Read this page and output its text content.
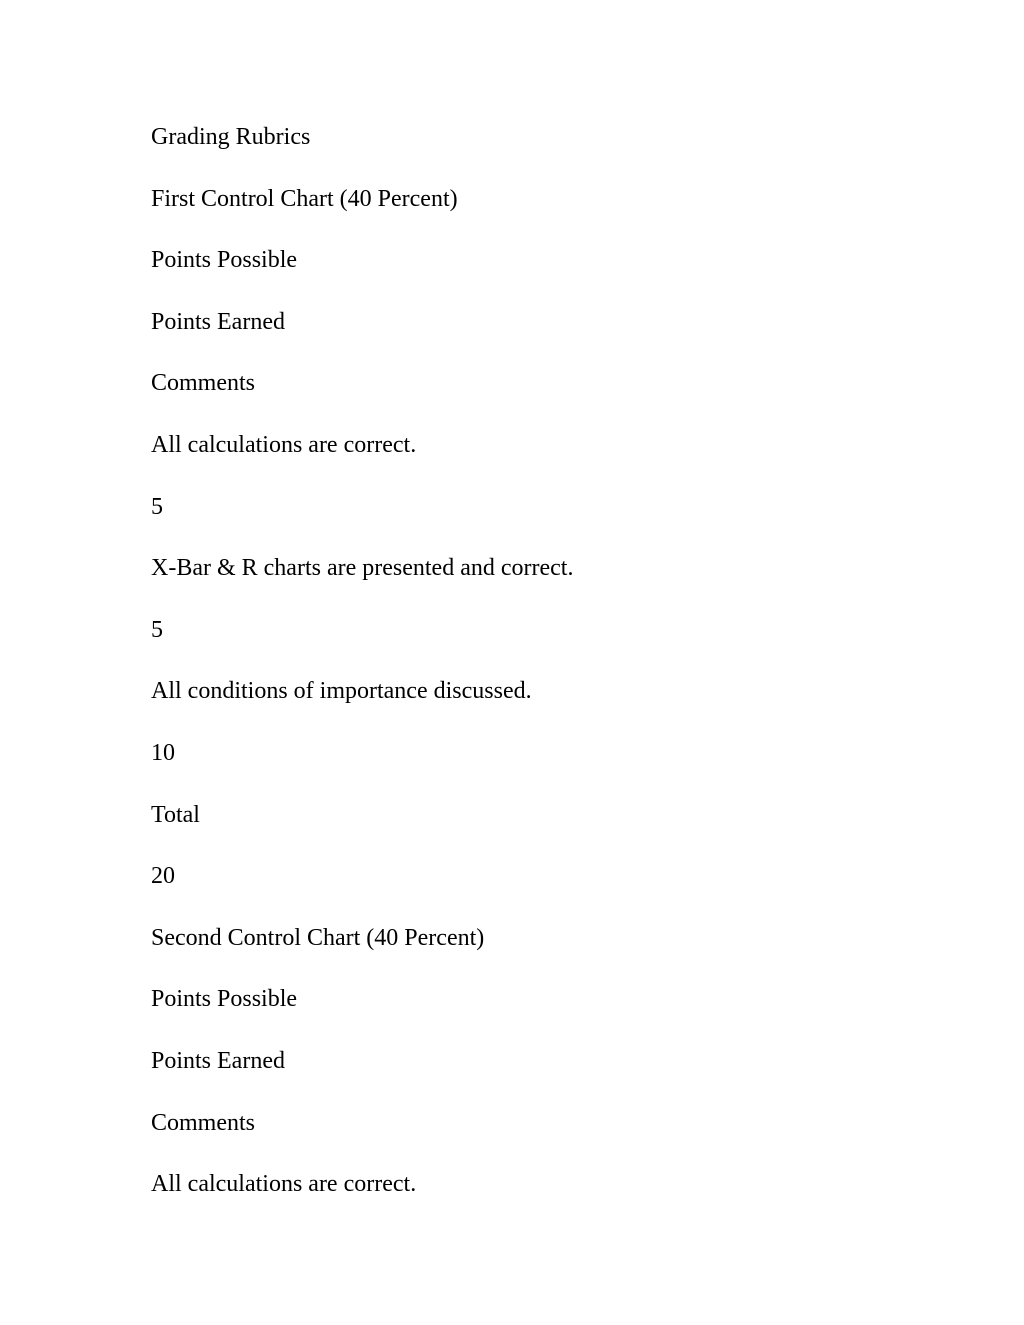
Grading Rubrics

First Control Chart (40 Percent)

Points Possible

Points Earned

Comments

All calculations are correct.

5

X-Bar & R charts are presented and correct.

5

All conditions of importance discussed.

10

Total

20

Second Control Chart (40 Percent)

Points Possible

Points Earned

Comments

All calculations are correct.
